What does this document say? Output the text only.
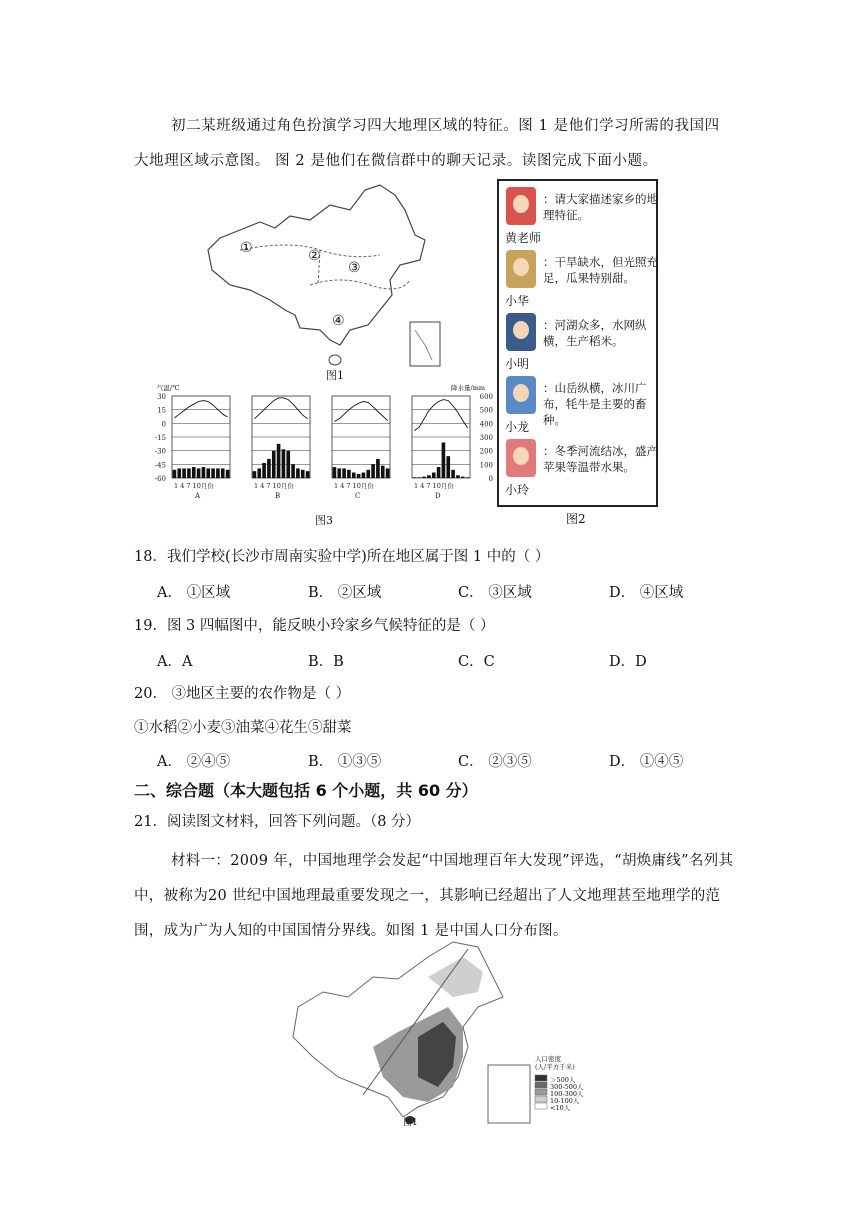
初二某班级通过角色扮演学习四大地理区域的特征。图 1 是他们学习所需的我国四大地理区域示意图。 图 2 是他们在微信群中的聊天记录。读图完成下面小题。
①	②
③
④
图1
气温/℃	降水量/mm
30
15
0
-15
-30
-45
-60
600
500
400
300
200
100
0
1 4 7 10月份
A
1 4 7 10月份
B
1 4 7 10月份
C
1 4 7 10月份
D
图3
黄老师
：请大家描述家乡的地理特征。
小华
：干旱缺水，但光照充足，瓜果特别甜。
小明
：河湖众多，水网纵横，生产稻米。
小龙
：山岳纵横，冰川广布，牦牛是主要的畜种。
小玲
：冬季河流结冰，盛产苹果等温带水果。
图2
18．我们学校(长沙市周南实验中学)所在地区属于图 1 中的（ ）
A． ①区域	B． ②区域	C． ③区域	D． ④区域
19．图 3 四幅图中，能反映小玲家乡气候特征的是（ ）
A．A	B．B	C．C	D．D
20． ③地区主要的农作物是（ ）
①水稻②小麦③油菜④花生⑤甜菜
A． ②④⑤	B． ①③⑤	C． ②③⑤	D． ①④⑤
二、综合题（本大题包括 6 个小题，共 60 分）
21．阅读图文材料，回答下列问题。（8 分）
材料一：2009 年，中国地理学会发起“中国地理百年大发现”评选，“胡焕庸线”名列其中，被称为20 世纪中国地理最重要发现之一，其影响已经超出了人文地理甚至地理学的范围，成为广为人知的中国国情分界线。如图 1 是中国人口分布图。
人口密度
(人/平方千米)
＞500人
300-500人
100-300人
10-100人
<10人
图1
